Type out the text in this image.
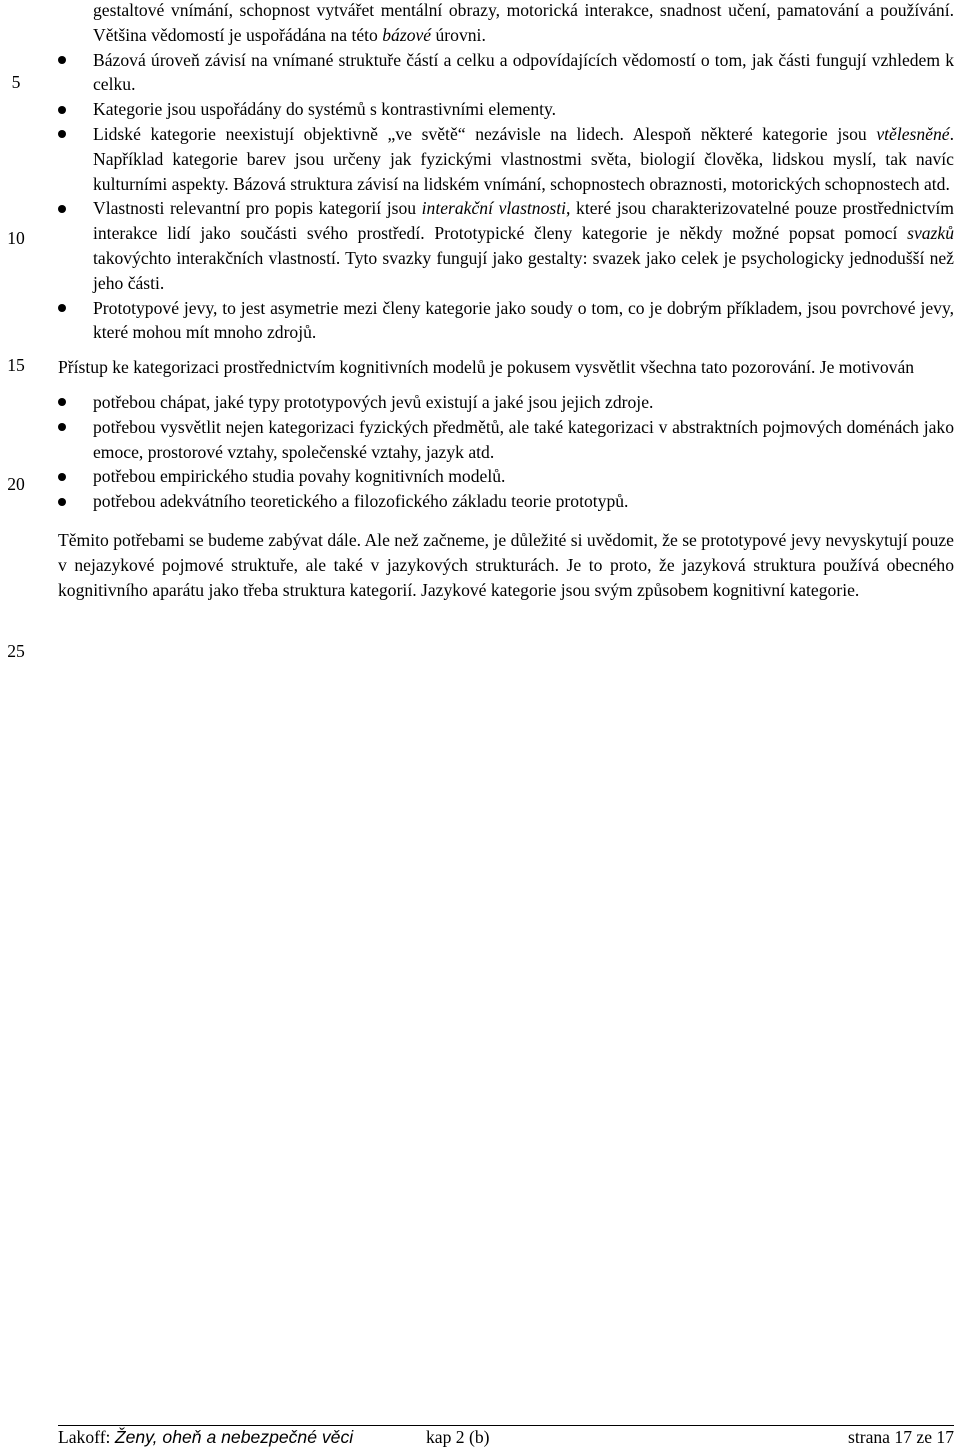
5
10
15
20
25
gestaltové vnímání, schopnost vytvářet mentální obrazy, motorická interakce, snadnost učení, pamatování a používání. Většina vědomostí je uspořádána na této bázové úrovni.
Bázová úroveň závisí na vnímané struktuře částí a celku a odpovídajících vědomostí o tom, jak části fungují vzhledem k celku.
Kategorie jsou uspořádány do systémů s kontrastivními elementy.
Lidské kategorie neexistují objektivně „ve světě“ nezávisle na lidech. Alespoň některé kategorie jsou vtělesněné. Například kategorie barev jsou určeny jak fyzickými vlastnostmi světa, biologií člověka, lidskou myslí, tak navíc kulturními aspekty. Bázová struktura závisí na lidském vnímání, schopnostech obraznosti, motorických schopnostech atd.
Vlastnosti relevantní pro popis kategorií jsou interakční vlastnosti, které jsou charakterizovatelné pouze prostřednictvím interakce lidí jako součásti svého prostředí. Prototypické členy kategorie je někdy možné popsat pomocí svazků takovýchto interakčních vlastností. Tyto svazky fungují jako gestalty: svazek jako celek je psychologicky jednodušší než jeho části.
Prototypové jevy, to jest asymetrie mezi členy kategorie jako soudy o tom, co je dobrým příkladem, jsou povrchové jevy, které mohou mít mnoho zdrojů.

Přístup ke kategorizaci prostřednictvím kognitivních modelů je pokusem vysvětlit všechna tato pozorování. Je motivován

potřebou chápat, jaké typy prototypových jevů existují a jaké jsou jejich zdroje.
potřebou vysvětlit nejen kategorizaci fyzických předmětů, ale také kategorizaci v abstraktních pojmových doménách jako emoce, prostorové vztahy, společenské vztahy, jazyk atd.
potřebou empirického studia povahy kognitivních modelů.
potřebou adekvátního teoretického a filozofického základu teorie prototypů.

Těmito potřebami se budeme zabývat dále. Ale než začneme, je důležité si uvědomit, že se prototypové jevy nevyskytují pouze v nejazykové pojmové struktuře, ale také v jazykových strukturách. Je to proto, že jazyková struktura používá obecného kognitivního aparátu jako třeba struktura kategorií. Jazykové kategorie jsou svým způsobem kognitivní kategorie.

Lakoff: Ženy, oheň a nebezpečné věci	kap 2 (b)	strana 17 ze 17
